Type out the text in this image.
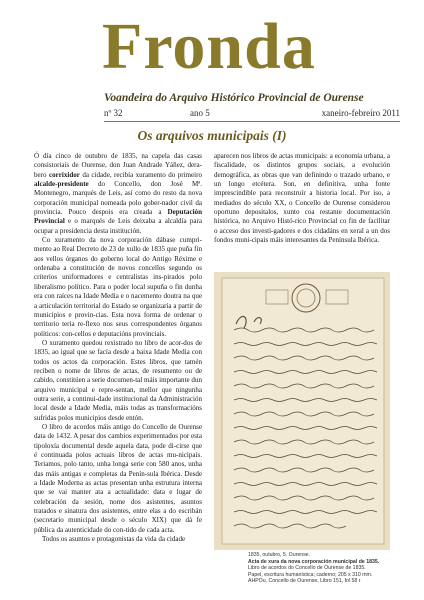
Fronda
Voandeira do Arquivo Histórico Provincial de Ourense
nº 32	ano 5	xaneiro-febreiro 2011
Os arquivos municipais (I)

Ó día cinco de outubro de 1835, na capela das casas consistoriais de Ourense, don Juan Andrade Yáñez, dera-bero corrixidor da cidade, recibía xuramento do primeiro alcalde-presidente do Concello, don José Mª. Montenegro, marqués de Leis, así como do resto da nova corporación municipal nomeada polo gober-nador civil da provincia. Pouco despois era creada a Deputación Provincial e o marqués de Leis deixaba a alcaldía para ocupar a presidencia desta institución.

Co xuramento da nova corporación dábase cumpri-mento ao Real Decreto de 23 de xullo de 1835 que puña fin aos vellos órganos do goberno local do Antigo Réxime e ordenaba a constitución de novos concellos segundo os criterios uniformadores e centralistas ins-pirados polo liberalismo político. Para o poder local supuña o fin dunha era con raíces na Idade Media e o nacemento doutra na que a articulación territorial do Estado se organizaría a partir de municipios e provin-cias. Esta nova forma de ordenar o territorio tería re-flexo nos seus correspondentes órganos políticos: con-cellos e deputacións provinciais.

O xuramento quedou rexistrado no libro de acor-dos de 1835, ao igual que se facía desde a baixa Idade Media con todos os actos da corporación. Estes libros, que tamén reciben o nome de libros de actas, de resumento ou de cabido, constitúen a serie documen-tal máis importante dun arquivo municipal e repre-sentan, mellor que ningunha outra serie, a continui-dade institucional da Administración local desde a Idade Media, máis todas as transformacións sufridas polos municipios desde entón.

O libro de acordos máis antigo do Concello de Ourense data de 1432. A pesar dos cambios experimentados por esta tipoloxía documental desde aquela data, pode di-cirse que é continuada polos actuais libros de actas mu-nicipais. Teriamos, polo tanto, unha longa serie con 580 anos, unha das máis antigas e completas da Penín-sula Ibérica. Desde a Idade Moderna as actas presentan unha estrutura interna que se vai manter ata a actualidade: data e lugar de celebración da sesión, nome dos asistentes, asuntos tratados e sinatura dos asistentes, entre elas a do escribán (secretario municipal desde o século XIX) que dá fe pública da autenticidade do con-tido de cada acta.

Todos os asuntos e protagonistas da vida da cidade

aparecen nos libros de actas municipais: a economía urbana, a fiscalidade, os distintos grupos sociais, a evolución demográfica, as obras que van definindo o trazado urbano, e un longo etcétera. Son, en definitiva, unha fonte imprescindible para reconstruír a historia local. Por iso, a mediados do século XX, o Concello de Ourense considerou oportuno depositalos, xunto coa restante documentación histórica, no Arquivo Histó-rico Provincial co fin de facilitar o acceso dos investi-gadores e dos cidadáns en xeral a un dos fondos muni-cipais máis interesantes da Península Ibérica.

1835, outubro, 5. Ourense.
Acta de xura da nova corporación municipal de 1835.
Libro de acordos do Concello de Ourense de 1835.
Papel, escritura humanística; caderno; 205 x 310 mm.
AHPOu, Concello de Ourense, Libro 151, fol 58 r
